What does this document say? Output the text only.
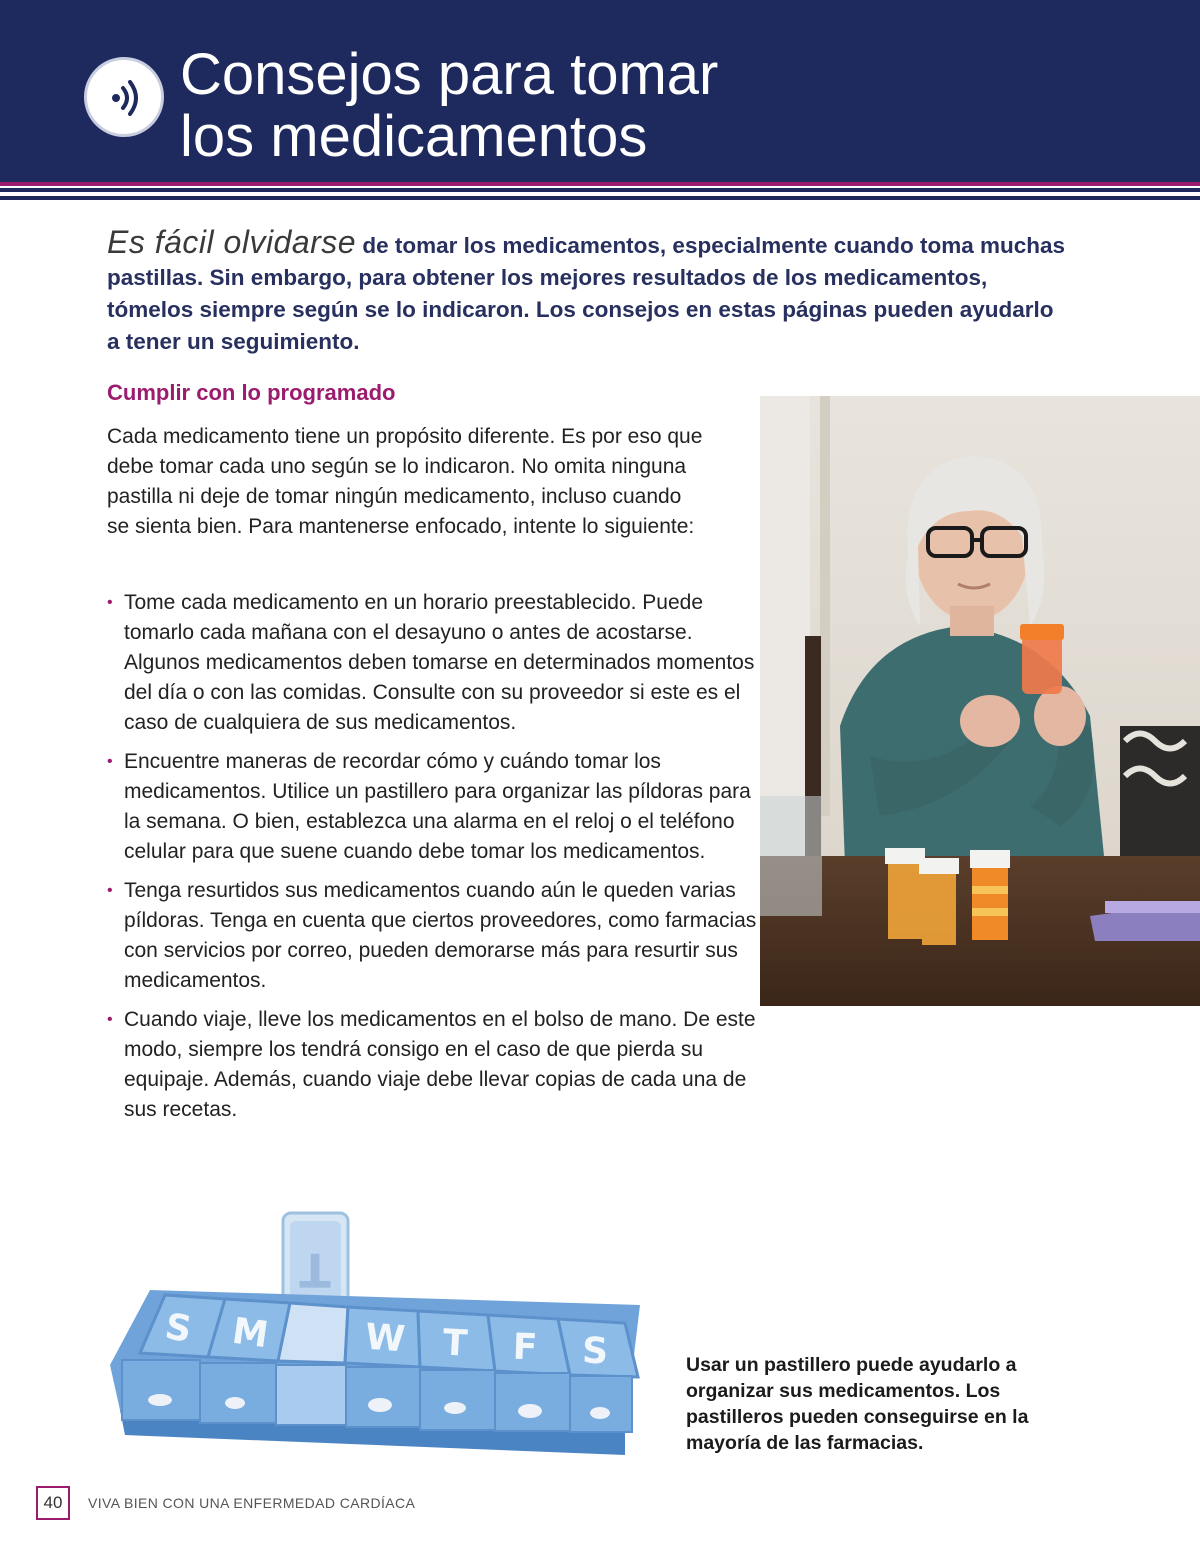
Consejos para tomar
los medicamentos

Es fácil olvidarse de tomar los medicamentos, especialmente cuando toma muchas pastillas. Sin embargo, para obtener los mejores resultados de los medicamentos, tómelos siempre según se lo indicaron. Los consejos en estas páginas pueden ayudarlo a tener un seguimiento.

Cumplir con lo programado

Cada medicamento tiene un propósito diferente. Es por eso que debe tomar cada uno según se lo indicaron. No omita ninguna pastilla ni deje de tomar ningún medicamento, incluso cuando se sienta bien. Para mantenerse enfocado, intente lo siguiente:

• Tome cada medicamento en un horario preestablecido. Puede tomarlo cada mañana con el desayuno o antes de acostarse. Algunos medicamentos deben tomarse en determinados momentos del día o con las comidas. Consulte con su proveedor si este es el caso de cualquiera de sus medicamentos.
• Encuentre maneras de recordar cómo y cuándo tomar los medicamentos. Utilice un pastillero para organizar las píldoras para la semana. O bien, establezca una alarma en el reloj o el teléfono celular para que suene cuando debe tomar los medicamentos.
• Tenga resurtidos sus medicamentos cuando aún le queden varias píldoras. Tenga en cuenta que ciertos proveedores, como farmacias con servicios por correo, pueden demorarse más para resurtir sus medicamentos.
• Cuando viaje, lleve los medicamentos en el bolso de mano. De este modo, siempre los tendrá consigo en el caso de que pierda su equipaje. Además, cuando viaje debe llevar copias de cada una de sus recetas.
T
S M	W T F S	Usar un pastillero puede ayudarlo a organizar sus medicamentos. Los pastilleros pueden conseguirse en la mayoría de las farmacias.

40	VIVA BIEN CON UNA ENFERMEDAD CARDÍACA
